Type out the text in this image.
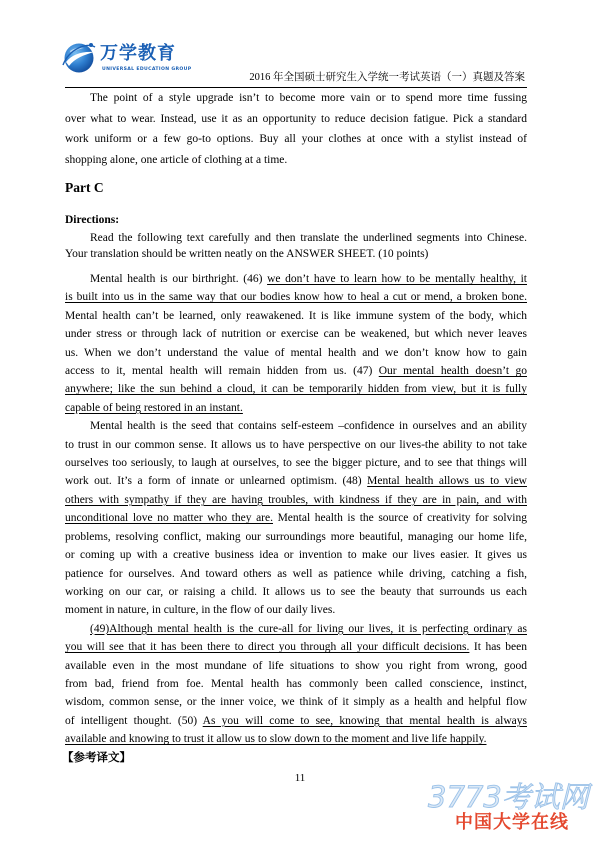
万学教育
UNIVERSAL EDUCATION GROUP
2016 年全国硕士研究生入学统一考试英语（一）真题及答案
The point of a style upgrade isn’t to become more vain or to spend more time fussing
over what to wear. Instead, use it as an opportunity to reduce decision fatigue. Pick a standard
work uniform or a few go-to options. Buy all your clothes at once with a stylist instead of
shopping alone, one article of clothing at a time.
Part C
Directions:
Read the following text carefully and then translate the underlined segments into Chinese.
Your translation should be written neatly on the ANSWER SHEET. (10 points)
Mental health is our birthright. (46) we don’t have to learn how to be mentally healthy, it
is built into us in the same way that our bodies know how to heal a cut or mend, a broken bone.
Mental health can’t be learned, only reawakened. It is like immune system of the body, which
under stress or through lack of nutrition or exercise can be weakened, but which never leaves
us. When we don’t understand the value of mental health and we don’t know how to gain
access to it, mental health will remain hidden from us. (47) Our mental health doesn’t go
anywhere; like the sun behind a cloud, it can be temporarily hidden from view, but it is fully
capable of being restored in an instant.
Mental health is the seed that contains self-esteem –confidence in ourselves and an ability
to trust in our common sense. It allows us to have perspective on our lives-the ability to not take
ourselves too seriously, to laugh at ourselves, to see the bigger picture, and to see that things will
work out. It’s a form of innate or unlearned optimism. (48) Mental health allows us to view
others with sympathy if they are having troubles, with kindness if they are in pain, and with
unconditional love no matter who they are. Mental health is the source of creativity for solving
problems, resolving conflict, making our surroundings more beautiful, managing our home life,
or coming up with a creative business idea or invention to make our lives easier. It gives us
patience for ourselves. And toward others as well as patience while driving, catching a fish,
working on our car, or raising a child. It allows us to see the beauty that surrounds us each
moment in nature, in culture, in the flow of our daily lives.
(49)Although mental health is the cure-all for living our lives, it is perfecting ordinary as
you will see that it has been there to direct you through all your difficult decisions. It has been
available even in the most mundane of life situations to show you right from wrong, good
from bad, friend from foe. Mental health has commonly been called conscience, instinct,
wisdom, common sense, or the inner voice, we think of it simply as a health and helpful flow
of intelligent thought. (50) As you will come to see, knowing that mental health is always
available and knowing to trust it allow us to slow down to the moment and live life happily.
【参考译文】
11
3773考试网
中国大学在线
